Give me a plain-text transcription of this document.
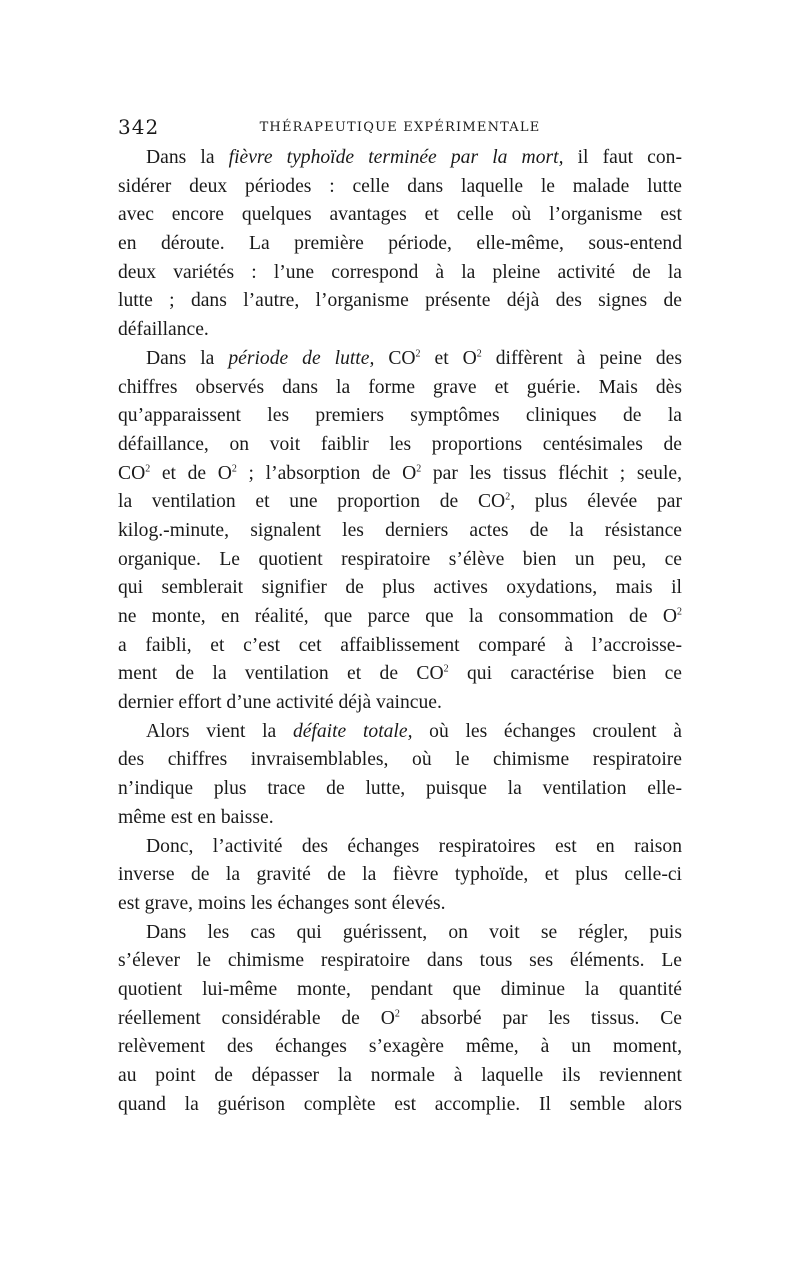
342	THÉRAPEUTIQUE EXPÉRIMENTALE
Dans la fièvre typhoïde terminée par la mort, il faut con-
sidérer deux périodes : celle dans laquelle le malade lutte
avec encore quelques avantages et celle où l’organisme est
en déroute. La première période, elle-même, sous-entend
deux variétés : l’une correspond à la pleine activité de la
lutte ; dans l’autre, l’organisme présente déjà des signes de
défaillance.
Dans la période de lutte, $CO^2$ et $O^2$ diffèrent à peine des
chiffres observés dans la forme grave et guérie. Mais dès
qu’apparaissent les premiers symptômes cliniques de la
défaillance, on voit faiblir les proportions centésimales de
$CO^2$ et de $O^2$ ; l’absorption de $O^2$ par les tissus fléchit ; seule,
la ventilation et une proportion de $CO^2$, plus élevée par
kilog.-minute, signalent les derniers actes de la résistance
organique. Le quotient respiratoire s’élève bien un peu, ce
qui semblerait signifier de plus actives oxydations, mais il
ne monte, en réalité, que parce que la consommation de $O^2$
a faibli, et c’est cet affaiblissement comparé à l’accroisse-
ment de la ventilation et de $CO^2$ qui caractérise bien ce
dernier effort d’une activité déjà vaincue.
Alors vient la défaite totale, où les échanges croulent à
des chiffres invraisemblables, où le chimisme respiratoire
n’indique plus trace de lutte, puisque la ventilation elle-
même est en baisse.
Donc, l’activité des échanges respiratoires est en raison
inverse de la gravité de la fièvre typhoïde, et plus celle-ci
est grave, moins les échanges sont élevés.
Dans les cas qui guérissent, on voit se régler, puis
s’élever le chimisme respiratoire dans tous ses éléments. Le
quotient lui-même monte, pendant que diminue la quantité
réellement considérable de $O^2$ absorbé par les tissus. Ce
relèvement des échanges s’exagère même, à un moment,
au point de dépasser la normale à laquelle ils reviennent
quand la guérison complète est accomplie. Il semble alors
